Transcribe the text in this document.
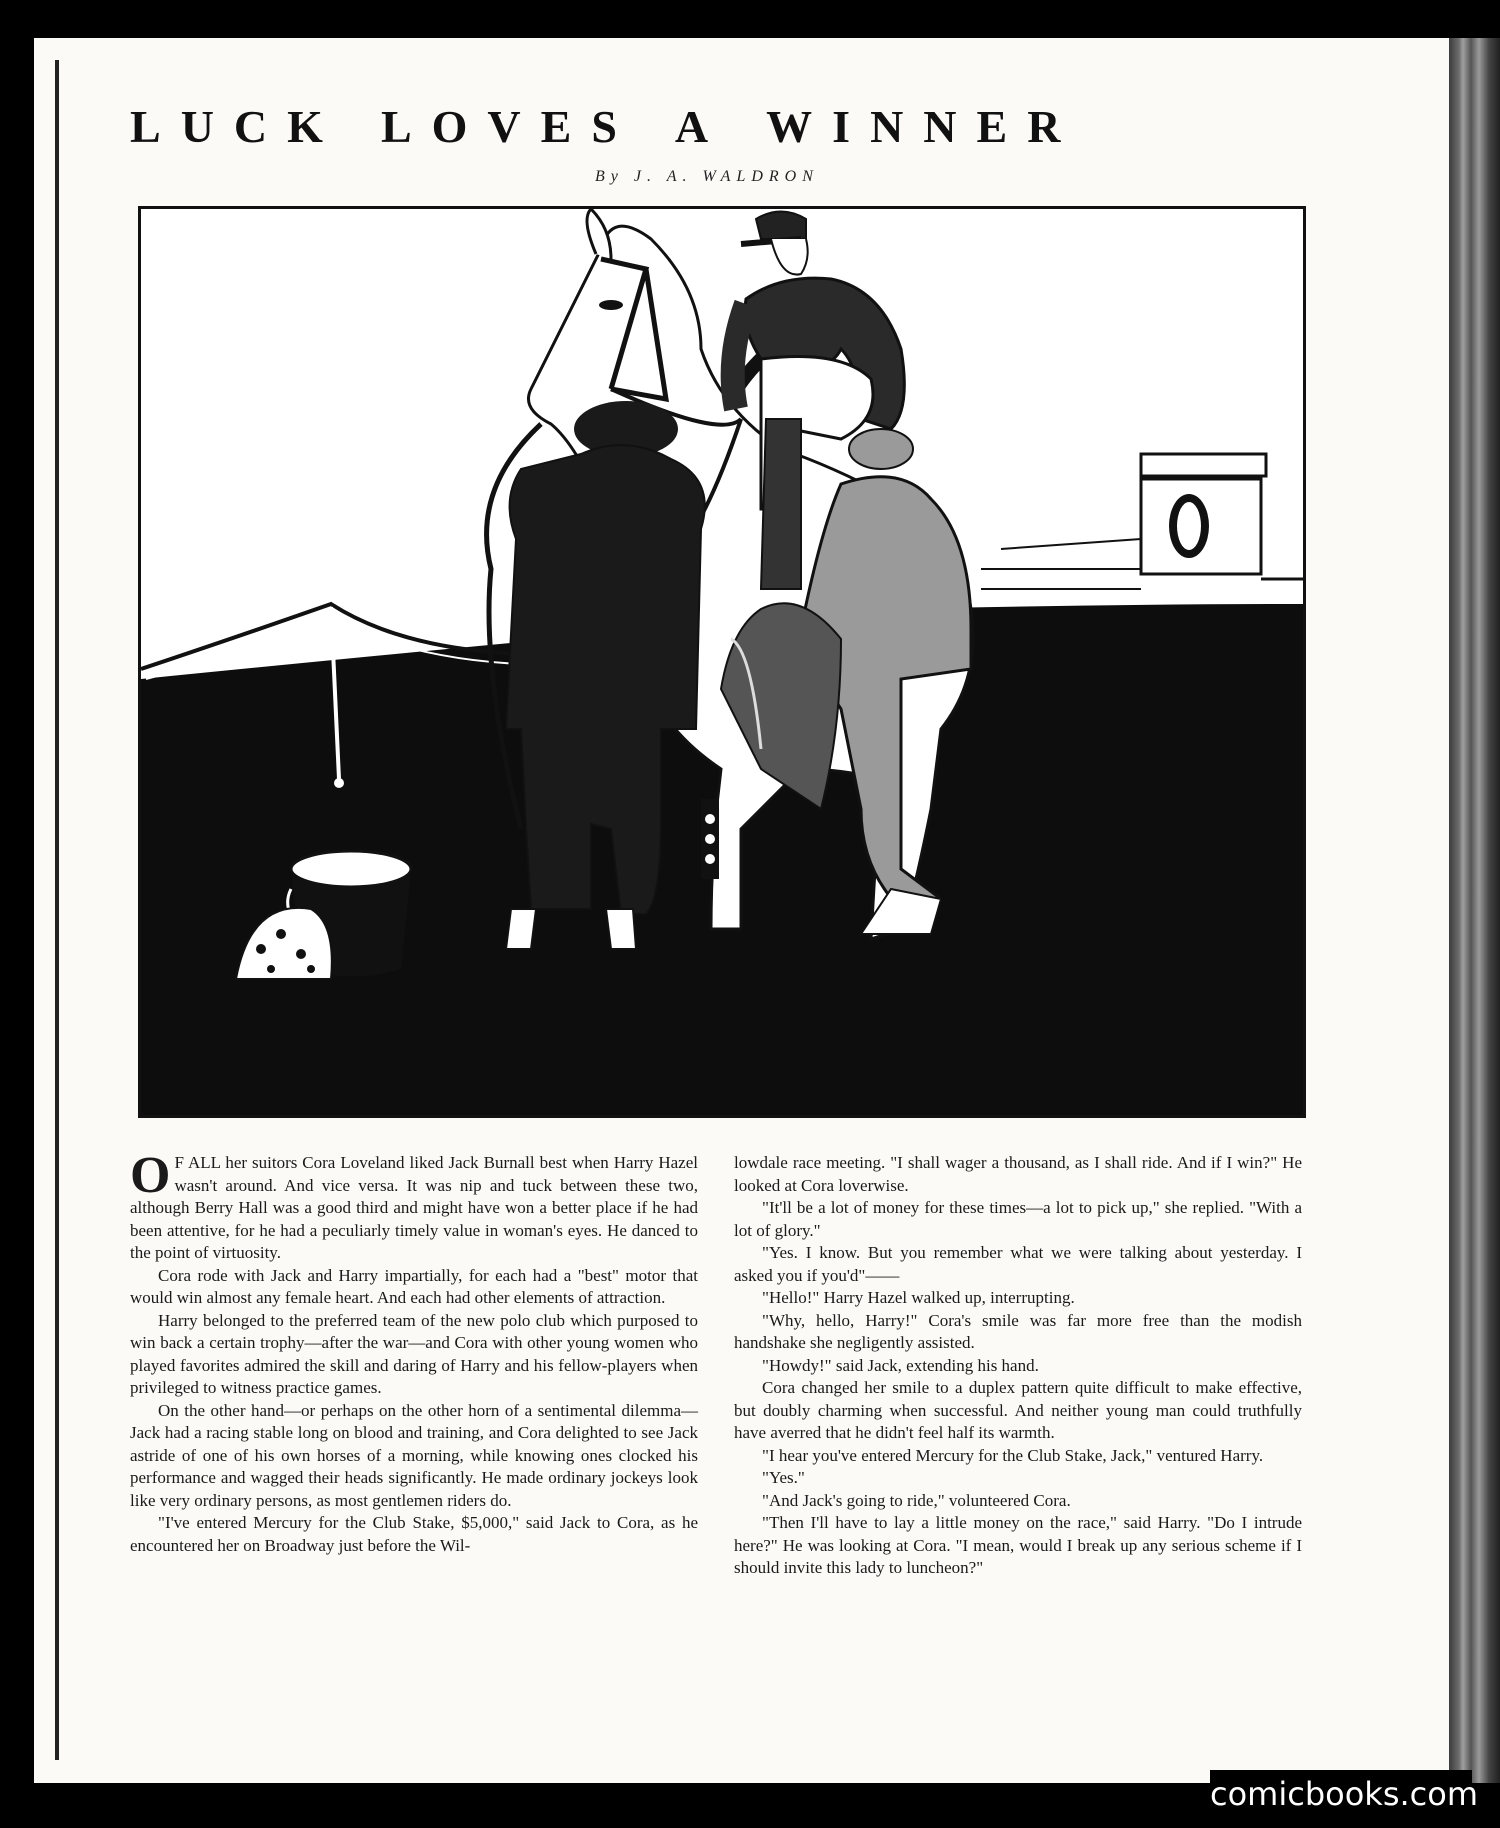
LUCK LOVES A WINNER
By J. A. WALDRON

O F ALL her suitors Cora Loveland liked Jack Burnall best when Harry Hazel wasn't around. And vice versa. It was nip and tuck between these two, although Berry Hall was a good third and might have won a better place if he had been attentive, for he had a peculiarly timely value in woman's eyes. He danced to the point of virtuosity.

Cora rode with Jack and Harry impartially, for each had a "best" motor that would win almost any female heart. And each had other elements of attraction.

Harry belonged to the preferred team of the new polo club which purposed to win back a certain trophy—after the war—and Cora with other young women who played favorites admired the skill and daring of Harry and his fellow-players when privileged to witness practice games.

On the other hand—or perhaps on the other horn of a sentimental dilemma—Jack had a racing stable long on blood and training, and Cora delighted to see Jack astride of one of his own horses of a morning, while knowing ones clocked his performance and wagged their heads significantly. He made ordinary jockeys look like very ordinary persons, as most gentlemen riders do.

"I've entered Mercury for the Club Stake, $5,000," said Jack to Cora, as he encountered her on Broadway just before the Wil-

lowdale race meeting. "I shall wager a thousand, as I shall ride. And if I win?" He looked at Cora loverwise.

"It'll be a lot of money for these times—a lot to pick up," she replied. "With a lot of glory."

"Yes. I know. But you remember what we were talking about yesterday. I asked you if you'd"——

"Hello!" Harry Hazel walked up, interrupting.

"Why, hello, Harry!" Cora's smile was far more free than the modish handshake she negligently assisted.

"Howdy!" said Jack, extending his hand.

Cora changed her smile to a duplex pattern quite difficult to make effective, but doubly charming when successful. And neither young man could truthfully have averred that he didn't feel half its warmth.

"I hear you've entered Mercury for the Club Stake, Jack," ventured Harry.

"Yes."

"And Jack's going to ride," volunteered Cora.

"Then I'll have to lay a little money on the race," said Harry. "Do I intrude here?" He was looking at Cora. "I mean, would I break up any serious scheme if I should invite this lady to luncheon?"

comicbooks.com
